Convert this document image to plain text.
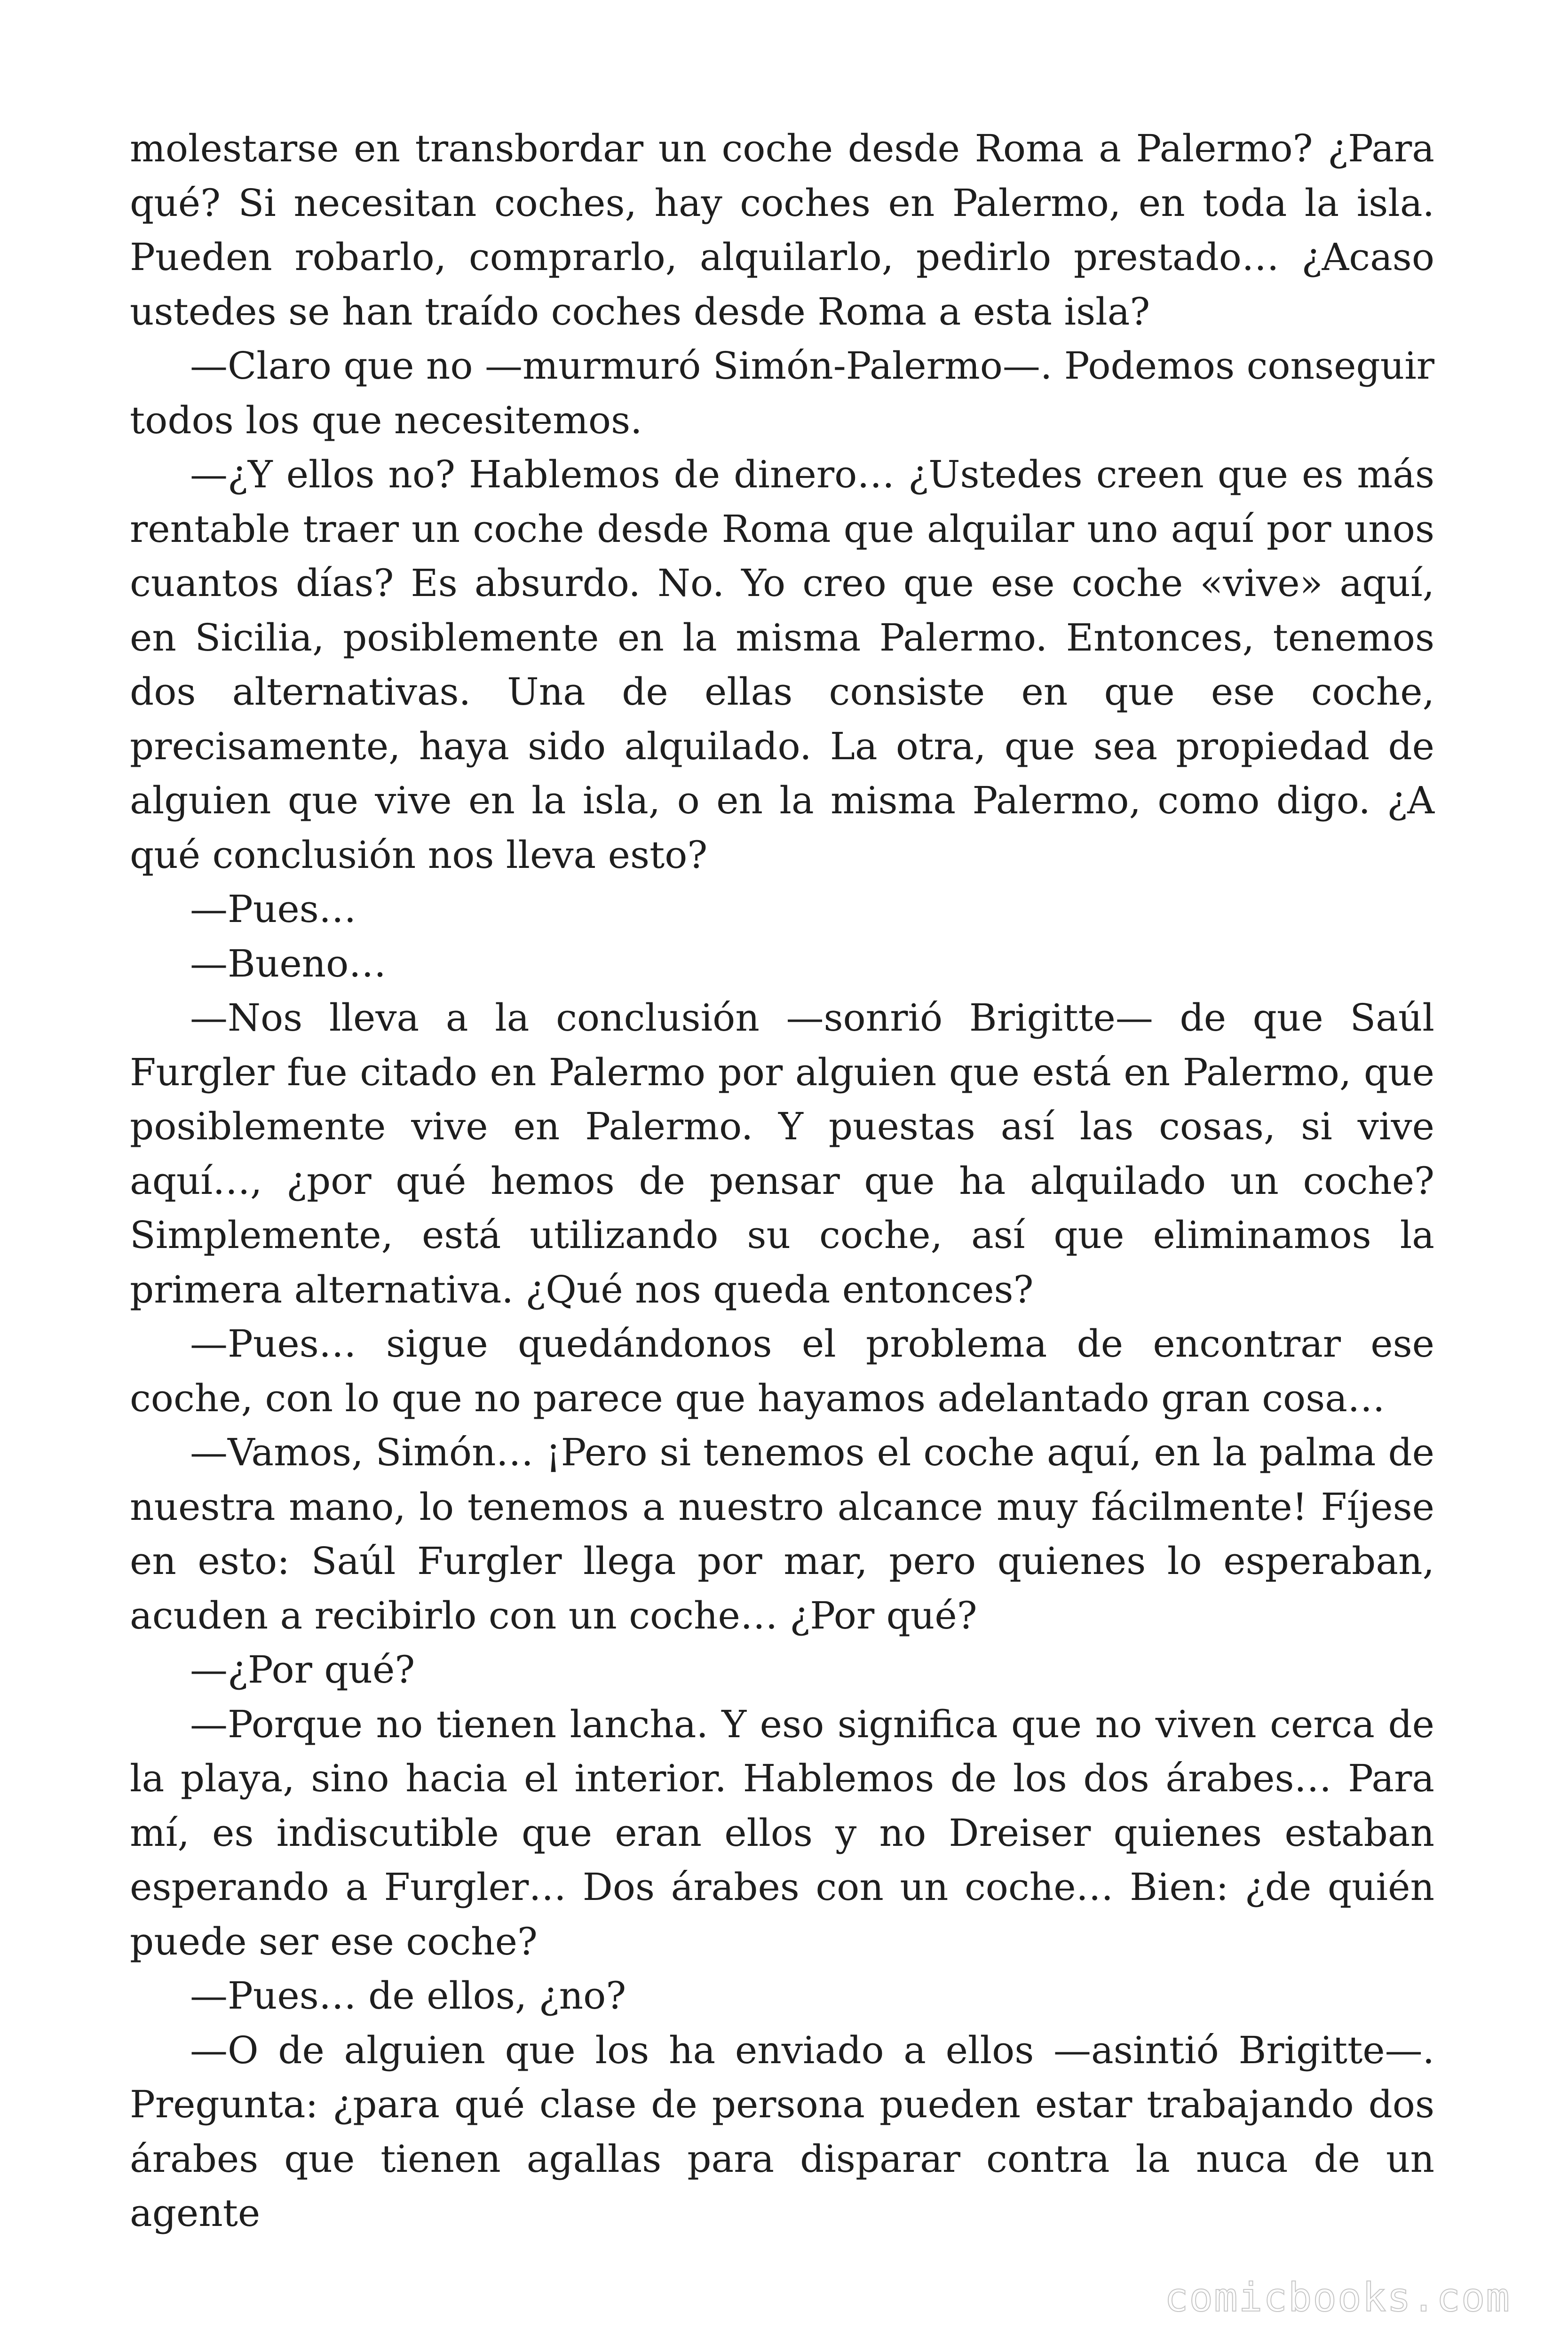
molestarse en transbordar un coche desde Roma a Palermo? ¿Para qué? Si necesitan coches, hay coches en Palermo, en toda la isla. Pueden robarlo, comprarlo, alquilarlo, pedirlo prestado… ¿Acaso ustedes se han traído coches desde Roma a esta isla?

—Claro que no —murmuró Simón-Palermo—. Podemos conseguir todos los que necesitemos.

—¿Y ellos no? Hablemos de dinero… ¿Ustedes creen que es más rentable traer un coche desde Roma que alquilar uno aquí por unos cuantos días? Es absurdo. No. Yo creo que ese coche «vive» aquí, en Sicilia, posiblemente en la misma Palermo. Entonces, tenemos dos alternativas. Una de ellas consiste en que ese coche, precisamente, haya sido alquilado. La otra, que sea propiedad de alguien que vive en la isla, o en la misma Palermo, como digo. ¿A qué conclusión nos lleva esto?

—Pues…

—Bueno…

—Nos lleva a la conclusión —sonrió Brigitte— de que Saúl Furgler fue citado en Palermo por alguien que está en Palermo, que posiblemente vive en Palermo. Y puestas así las cosas, si vive aquí…, ¿por qué hemos de pensar que ha alquilado un coche? Simplemente, está utilizando su coche, así que eliminamos la primera alternativa. ¿Qué nos queda entonces?

—Pues… sigue quedándonos el problema de encontrar ese coche, con lo que no parece que hayamos adelantado gran cosa…

—Vamos, Simón… ¡Pero si tenemos el coche aquí, en la palma de nuestra mano, lo tenemos a nuestro alcance muy fácilmente! Fíjese en esto: Saúl Furgler llega por mar, pero quienes lo esperaban, acuden a recibirlo con un coche… ¿Por qué?

—¿Por qué?

—Porque no tienen lancha. Y eso significa que no viven cerca de la playa, sino hacia el interior. Hablemos de los dos árabes… Para mí, es indiscutible que eran ellos y no Dreiser quienes estaban esperando a Furgler… Dos árabes con un coche… Bien: ¿de quién puede ser ese coche?

—Pues… de ellos, ¿no?

—O de alguien que los ha enviado a ellos —asintió Brigitte—. Pregunta: ¿para qué clase de persona pueden estar trabajando dos árabes que tienen agallas para disparar contra la nuca de un agente

comicbooks.com
